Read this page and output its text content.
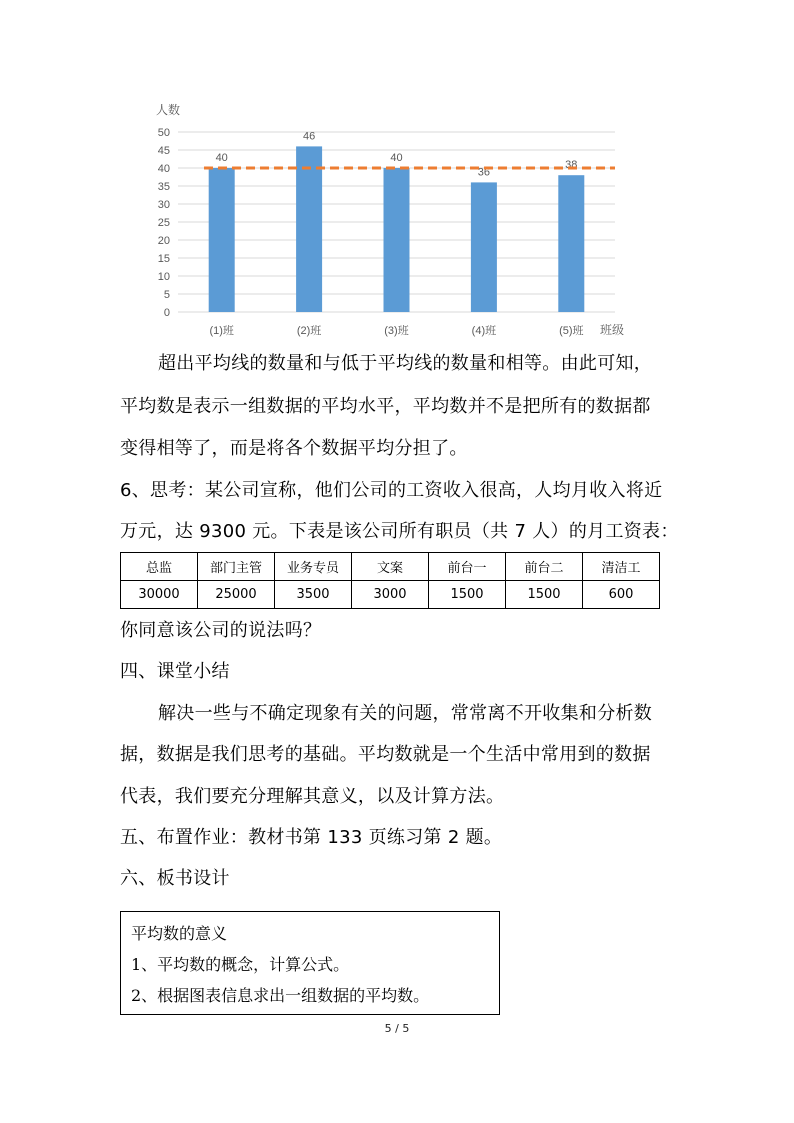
人数
0
5
10
15
20
25
30
35
40
45
50
40
(1)班
46
(2)班
40
(3)班
36
(4)班
38
(5)班 班级
超出平均线的数量和与低于平均线的数量和相等。由此可知，
平均数是表示一组数据的平均水平，平均数并不是把所有的数据都
变得相等了，而是将各个数据平均分担了。
6、思考：某公司宣称，他们公司的工资收入很高，人均月收入将近
万元，达 9300 元。下表是该公司所有职员（共 7 人）的月工资表：
总监	部门主管	业务专员	文案	前台一	前台二	清洁工
30000	25000	3500	3000	1500	1500	600
你同意该公司的说法吗？
四、课堂小结
解决一些与不确定现象有关的问题，常常离不开收集和分析数
据，数据是我们思考的基础。平均数就是一个生活中常用到的数据
代表，我们要充分理解其意义，以及计算方法。
五、布置作业：教材书第 133 页练习第 2 题。
六、板书设计
平均数的意义
1、平均数的概念，计算公式。
2、根据图表信息求出一组数据的平均数。
5 / 5
